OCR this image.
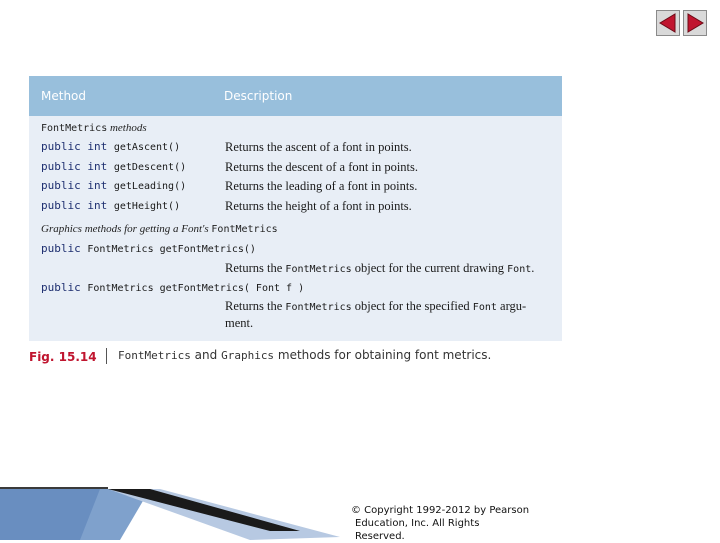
Method	Description
FontMetrics methods
public int getAscent()	Returns the ascent of a font in points.
public int getDescent()	Returns the descent of a font in points.
public int getLeading()	Returns the leading of a font in points.
public int getHeight()	Returns the height of a font in points.
Graphics methods for getting a Font's FontMetrics
public FontMetrics getFontMetrics()
Returns the FontMetrics object for the current drawing Font.
public FontMetrics getFontMetrics( Font f )
Returns the FontMetrics object for the specified Font argu-
ment.
Fig. 15.14 FontMetrics and Graphics methods for obtaining font metrics.
© Copyright 1992-2012 by Pearson
Education, Inc. All Rights Reserved.
